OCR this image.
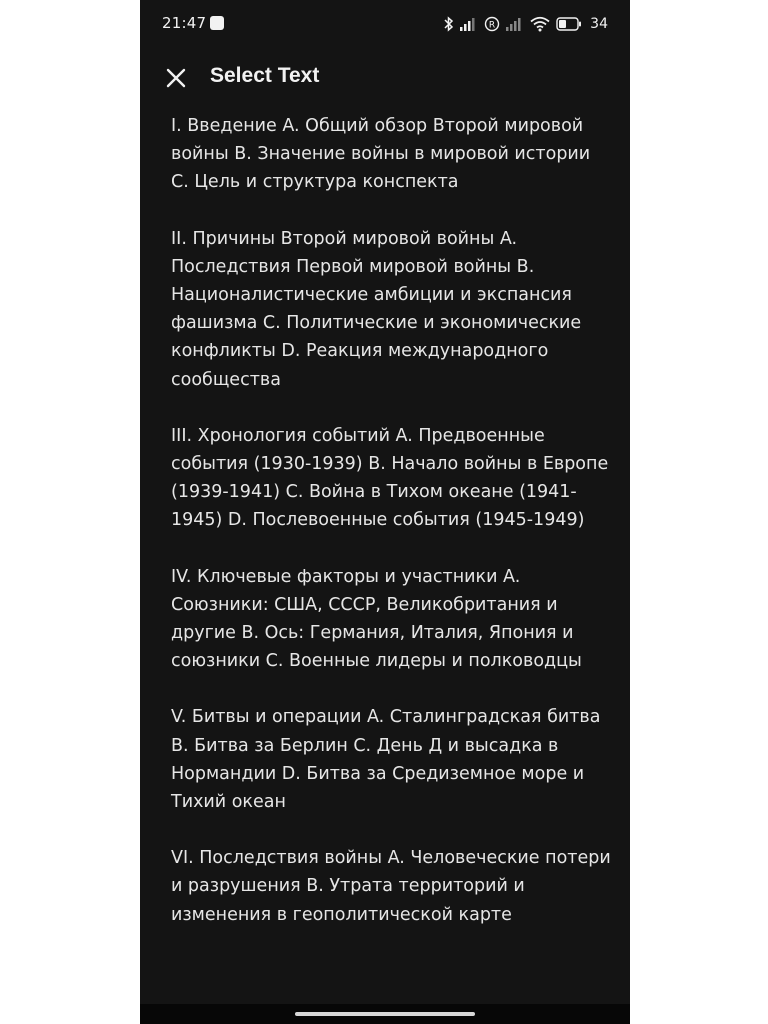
21:47	R	34
Select Text

I. Введение A. Общий обзор Второй мировой войны B. Значение войны в мировой истории C. Цель и структура конспекта

II. Причины Второй мировой войны A. Последствия Первой мировой войны B. Националистические амбиции и экспансия фашизма C. Политические и экономические конфликты D. Реакция международного сообщества

III. Хронология событий A. Предвоенные события (1930-1939) B. Начало войны в Европе (1939-1941) C. Война в Тихом океане (1941-1945) D. Послевоенные события (1945-1949)

IV. Ключевые факторы и участники A. Союзники: США, СССР, Великобритания и другие B. Ось: Германия, Италия, Япония и союзники C. Военные лидеры и полководцы

V. Битвы и операции A. Сталинградская битва B. Битва за Берлин C. День Д и высадка в Нормандии D. Битва за Средиземное море и Тихий океан

VI. Последствия войны A. Человеческие потери и разрушения B. Утрата территорий и изменения в геополитической карте
